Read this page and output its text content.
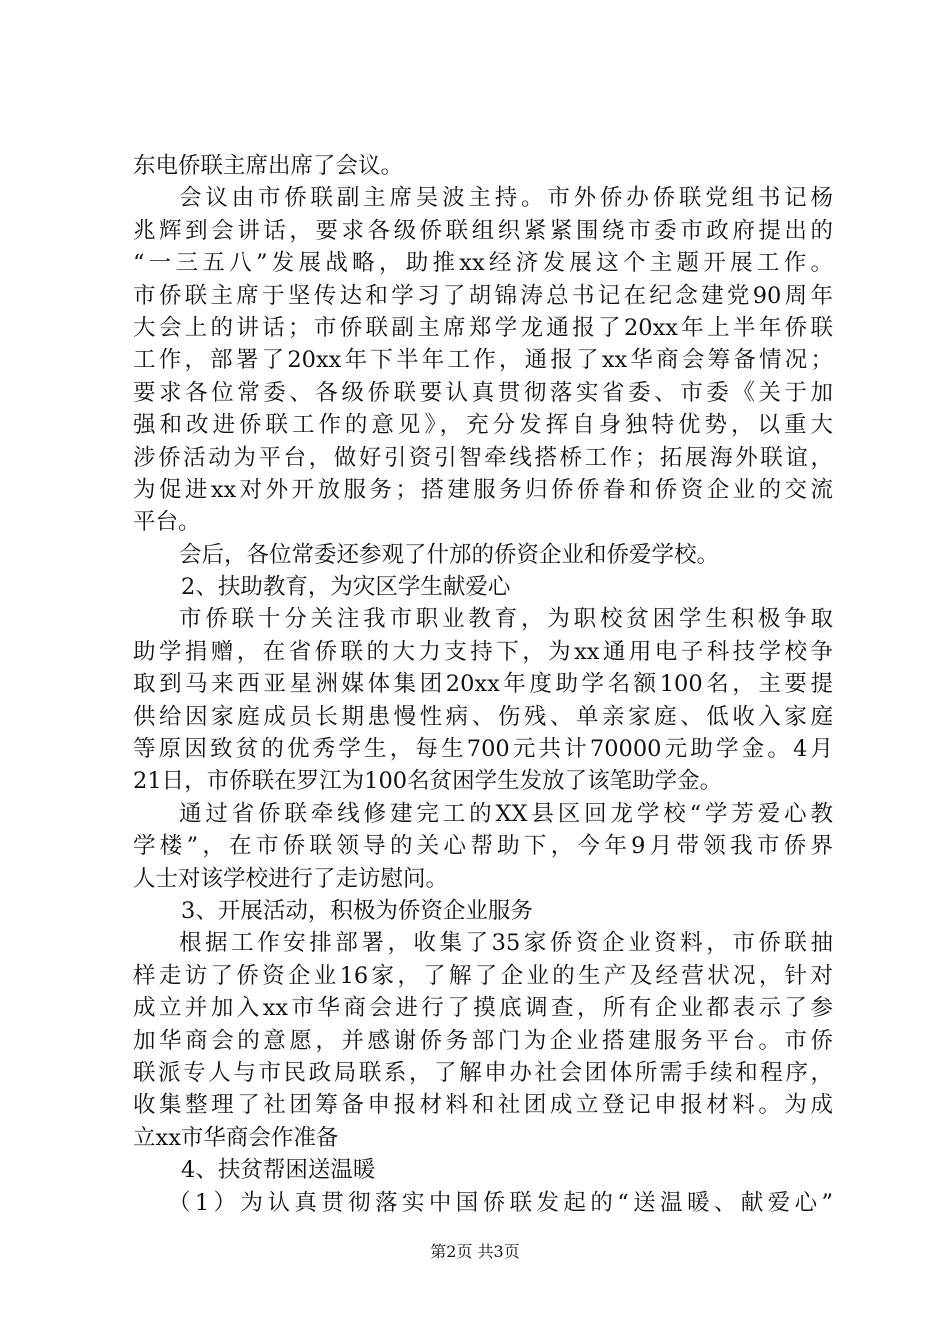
东电侨联主席出席了会议。
会议由市侨联副主席吴波主持。市外侨办侨联党组书记杨
兆辉到会讲话，要求各级侨联组织紧紧围绕市委市政府提出的
“一三五八”发展战略，助推xx经济发展这个主题开展工作。
市侨联主席于坚传达和学习了胡锦涛总书记在纪念建党90周年
大会上的讲话；市侨联副主席郑学龙通报了20xx年上半年侨联
工作，部署了20xx年下半年工作，通报了xx华商会筹备情况；
要求各位常委、各级侨联要认真贯彻落实省委、市委《关于加
强和改进侨联工作的意见》，充分发挥自身独特优势，以重大
涉侨活动为平台，做好引资引智牵线搭桥工作；拓展海外联谊，
为促进xx对外开放服务；搭建服务归侨侨眷和侨资企业的交流
平台。
会后，各位常委还参观了什邡的侨资企业和侨爱学校。
2、扶助教育，为灾区学生献爱心
市侨联十分关注我市职业教育，为职校贫困学生积极争取
助学捐赠，在省侨联的大力支持下，为xx通用电子科技学校争
取到马来西亚星洲媒体集团20xx年度助学名额100名，主要提
供给因家庭成员长期患慢性病、伤残、单亲家庭、低收入家庭
等原因致贫的优秀学生，每生700元共计70000元助学金。4月
21日，市侨联在罗江为100名贫困学生发放了该笔助学金。
通过省侨联牵线修建完工的XX县区回龙学校“学芳爱心教
学楼”，在市侨联领导的关心帮助下，今年9月带领我市侨界
人士对该学校进行了走访慰问。
3、开展活动，积极为侨资企业服务
根据工作安排部署，收集了35家侨资企业资料，市侨联抽
样走访了侨资企业16家，了解了企业的生产及经营状况，针对
成立并加入xx市华商会进行了摸底调查，所有企业都表示了参
加华商会的意愿，并感谢侨务部门为企业搭建服务平台。市侨
联派专人与市民政局联系，了解申办社会团体所需手续和程序，
收集整理了社团筹备申报材料和社团成立登记申报材料。为成
立xx市华商会作准备
4、扶贫帮困送温暖
（1）为认真贯彻落实中国侨联发起的“送温暖、献爱心”
第2页 共3页
